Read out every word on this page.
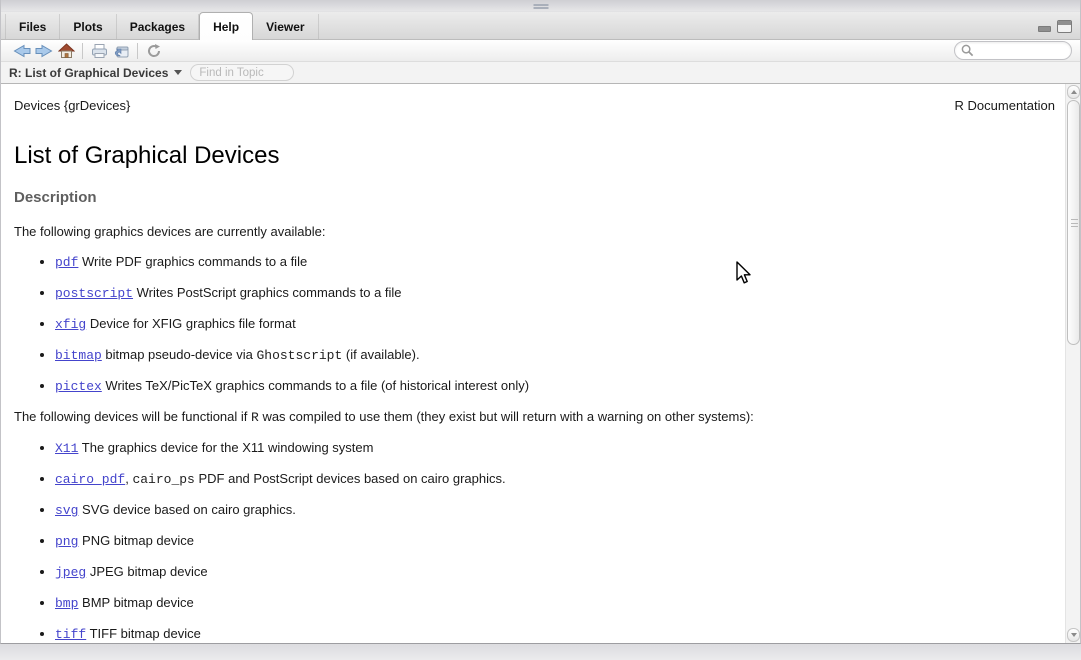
Files Plots Packages Help Viewer
R: List of Graphical Devices
Find in Topic
Devices {grDevices}	R Documentation
List of Graphical Devices
Description

The following graphics devices are currently available:

• pdf Write PDF graphics commands to a file
• postscript Writes PostScript graphics commands to a file
• xfig Device for XFIG graphics file format
• bitmap bitmap pseudo-device via Ghostscript (if available).
• pictex Writes TeX/PicTeX graphics commands to a file (of historical interest only)

The following devices will be functional if R was compiled to use them (they exist but will return with a warning on other systems):

• X11 The graphics device for the X11 windowing system
• cairo_pdf, cairo_ps PDF and PostScript devices based on cairo graphics.
• svg SVG device based on cairo graphics.
• png PNG bitmap device
• jpeg JPEG bitmap device
• bmp BMP bitmap device
• tiff TIFF bitmap device
